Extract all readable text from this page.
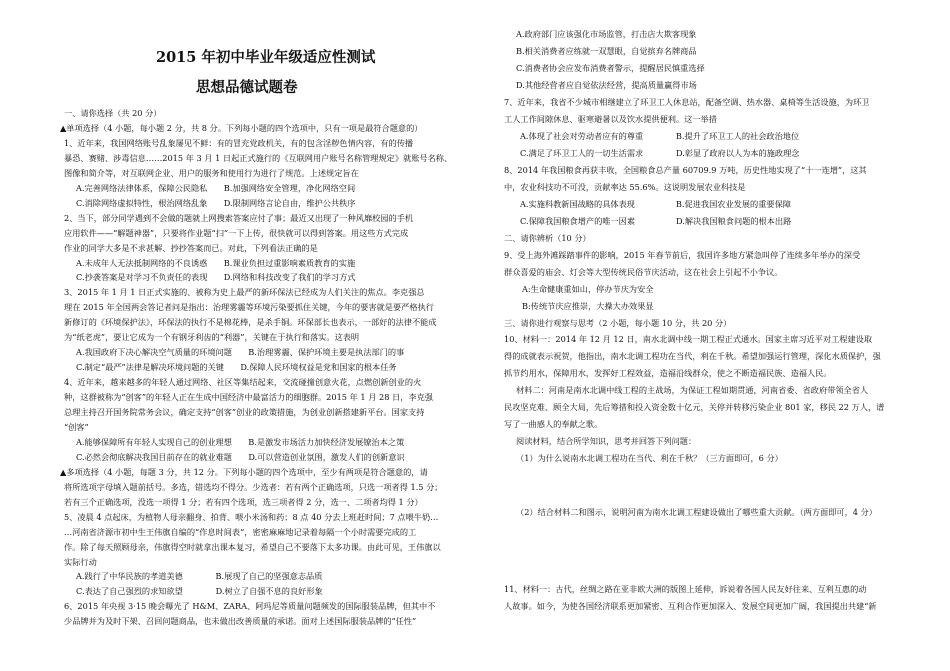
2015 年初中毕业年级适应性测试
思想品德试题卷
一、请你选择（共 20 分）
▲单项选择（4 小题，每小题 2 分，共 8 分。下列每小题的四个选项中，只有一项是最符合题意的）
1、近年来，我国网络账号乱象屡见不鲜：有的冒充党政机关，有的包含淫秽色情内容，有的传播
暴恐、赛赌、涉毒信息……2015 年 3 月 1 日起正式施行的《互联网用户账号名称管理规定》就账号名称、
图像和简介等，对互联网企业、用户的服务和使用行为进行了规范。上述规定旨在
A.完善网络法律体系，保障公民隐私　　B.加强网络安全管理，净化网络空间
C.消除网络虚拟特性，根治网络乱象　　D.限制网络言论自由，维护公共秩序
2、当下，部分同学遇到不会做的题就上网搜索答案应付了事；最近又出现了一种风靡校园的手机
应用软件——“解题神器”，只要将作业题“扫”一下上传，很快就可以得到答案。用这些方式完成
作业的同学大多是不求甚解、抄抄答案而已。对此，下列看法正确的是
A.未成年人无法抵制网络的不良诱惑　　B.课业负担过重影响素质教育的实施
C.抄袭答案是对学习不负责任的表现　　D.网络和科技改变了我们的学习方式
3、2015 年 1 月 1 日正式实施的、被称为史上最严的新环保法已经成为人们关注的焦点。李克强总
理在 2015 年全国两会答记者问是指出：治理雾霾等环境污染要抓住关键，今年的要害就是要严格执行
新修订的《环境保护法》，环保法的执行不是棉花棒，是杀手铜。环保部长也表示，一部好的法律不能成
为“纸老虎”，要让它成为一个有钢牙利齿的“利器”，关键在于执行和落实。这表明
A.我国政府下决心解决空气质量的环境问题　　B.治理雾霾、保护环境主要是执法部门的事
C.制定“最严”法律是解决环境问题的关键　　D.保障人民环境权益是党和国家的根本任务
4、近年来，越来越多的年轻人通过网络、社区等集结起来，交流碰撞创意火花，点燃创新创业的火
种，这群被称为“创客”的年轻人正在生成中国经济中最富活力的细胞群。2015 年 1 月 28 日，李克强
总理主持召开国务院常务会议，确定支持“创客”创业的政策措施，为创业创新搭建新平台。国家支持
“创客”
A.能够保障所有年轻人实现自己的创业理想　　B.是激发市场活力加快经济发展镣治本之策
C.必然会彻底解决我国目前存在的就业难题　　D.可以营造创业氛围，激发人们的创新意识
▲多项选择（4 小题，每题 3 分，共 12 分。下列每小题的四个选项中，至少有两项是符合题意的，请
将所选项字母填入题前括号。多选，错选均不得分。少选者：若有两个正确选项，只选一项者得 1.5 分；
若有三个正确选项，没选一项得 1 分；若有四个选项，选三项者得 2 分，选一、二项者均得 1 分）
5、凌晨 4 点起床，为植物人母亲翻身、拍背、喂小米汤和药；8 点 40 分去上班赶时间；7 点喂牛奶…
…河南省济源市初中生王伟旗自编的“作息时间表”，密密麻麻地记录着每隔一个小时需要完成的工
作。除了每天照顾母亲，伟旗得空时就拿出课本复习，希望自己不要落下太多功课。由此可见，王伟旗以
实际行动
A.践行了中华民族的孝道美德　　　　B.展现了自己的坚强意志品质
C.表达了自己强烈的求知欲望　　　　D.树立了自强不息的良好形象
6、2015 年央视 3·15 晚会曝光了 H&M、ZARA、阿玛尼等质量问题频发的国际服装品牌，但其中不
少品牌并为及时下架、召回问题商品，也未做出改善质量的承诺。面对上述国际服装品牌的“任性”
A.政府部门应该强化市场监管，打击店大欺客现象
B.相关消费者应练就一双慧眼，自觉摈弃名牌商品
C.消费者协会应发布消费者警示，提醒居民慎重选择
D.其他经营者应自觉依法经营，提高质量赢得市场
7、近年来，我省不少城市相继建立了环卫工人休息站，配备空调、热水器、桌椅等生活设施，为环卫
工人工作间隙休息、驱寒避暑以及饮水提供便利。这一举措
A.体现了社会对劳动者应有的尊重　　　　B.提升了环卫工人的社会政治地位
C.满足了环卫工人的一切生活需求　　　　D.彰显了政府以人为本的施政理念
8、2014 年我国粮食再获丰收，全国粮食总产量 60709.9 万吨，历史性地实现了“十一连增”，这其
中，农业科技功不可没，贡献率达 55.6%。这说明发展农业科技是
A.实施科教新国战略的具体表现　　　　　B.促进我国农业发展的重要保障
C.保障我国粮食增产的唯一因素　　　　　D.解决我国粮食问题的根本出路
二、请你辨析（10 分）
9、受上海外滩踩踏事件的影响，2015 年春节前后，我国许多地方紧急叫停了连续多年举办的深受
群众喜爱的庙会、灯会等大型传统民俗节庆活动，这在社会上引起不小争议。
A:生命健康重如山，停办节庆为安全
B:传统节庆应推崇，大操大办效果显
三、请你进行观察与思考（2 小题，每小题 10 分，共 20 分）
10、材料一：2014 年 12 月 12 日，南水北调中线一期工程正式通水。国家主席习近平对工程建设取
得的成就表示祝贺，他指出，南水北调工程功在当代，利在千秋。希望加强运行管理，深化水质保护，强
抓节约用水，保障用水，发挥好工程效益，造福沿线群众，使之不断造福民族、造福人民。
材料二：河南是南水北调中线工程的主战场，为保证工程如期贯通，河南省委、省政府带领全省人
民攻坚克难、顾全大局，先后筹措和投入资金数十亿元，关停并转移污染企业 801 家，移民 22 万人，谱
写了一曲感人的奉献之歌。
阅读材料，结合所学知识，思考并回答下列问题：
（1）为什么说南水北调工程功在当代、利在千秋？（三方面即可，6 分）
（2）结合材料二和图示，说明河南为南水北调工程建设做出了哪些重大贡献。（两方面即可，4 分）
11、材料一：古代，丝绸之路在亚非欧大洲的版图上延伸，诉说着各国人民友好往来、互利互惠的动
人故事。如今，为使各国经济联系更加紧密、互利合作更加深入、发展空间更加广阔，我国提出共建“新
